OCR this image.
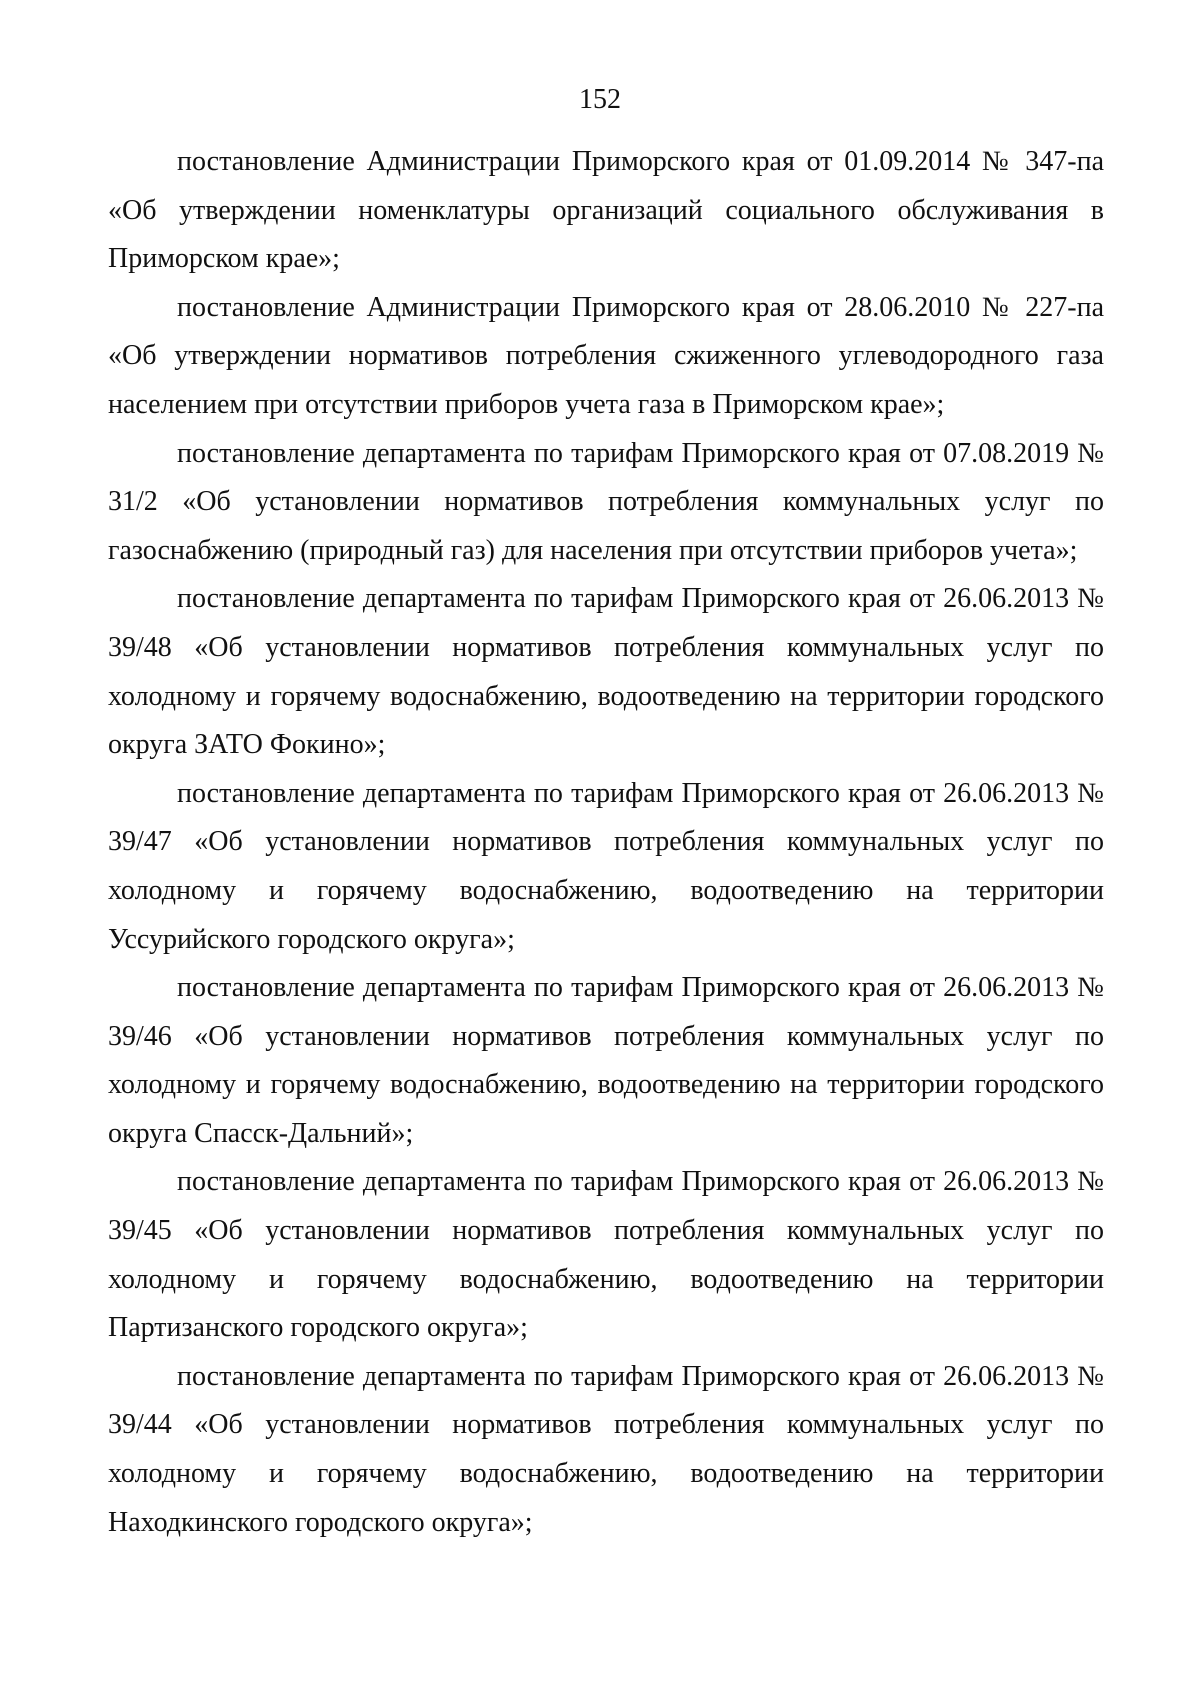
152

постановление Администрации Приморского края от 01.09.2014 № 347-па «Об утверждении номенклатуры организаций социального обслуживания в Приморском крае»;

постановление Администрации Приморского края от 28.06.2010 № 227-па «Об утверждении нормативов потребления сжиженного углеводородного газа населением при отсутствии приборов учета газа в Приморском крае»;

постановление департамента по тарифам Приморского края от 07.08.2019 № 31/2 «Об установлении нормативов потребления коммунальных услуг по газоснабжению (природный газ) для населения при отсутствии приборов учета»;

постановление департамента по тарифам Приморского края от 26.06.2013 № 39/48 «Об установлении нормативов потребления коммунальных услуг по холодному и горячему водоснабжению, водоотведению на территории городского округа ЗАТО Фокино»;

постановление департамента по тарифам Приморского края от 26.06.2013 № 39/47 «Об установлении нормативов потребления коммунальных услуг по холодному и горячему водоснабжению, водоотведению на территории Уссурийского городского округа»;

постановление департамента по тарифам Приморского края от 26.06.2013 № 39/46 «Об установлении нормативов потребления коммунальных услуг по холодному и горячему водоснабжению, водоотведению на территории городского округа Спасск-Дальний»;

постановление департамента по тарифам Приморского края от 26.06.2013 № 39/45 «Об установлении нормативов потребления коммунальных услуг по холодному и горячему водоснабжению, водоотведению на территории Партизанского городского округа»;

постановление департамента по тарифам Приморского края от 26.06.2013 № 39/44 «Об установлении нормативов потребления коммунальных услуг по холодному и горячему водоснабжению, водоотведению на территории Находкинского городского округа»;
